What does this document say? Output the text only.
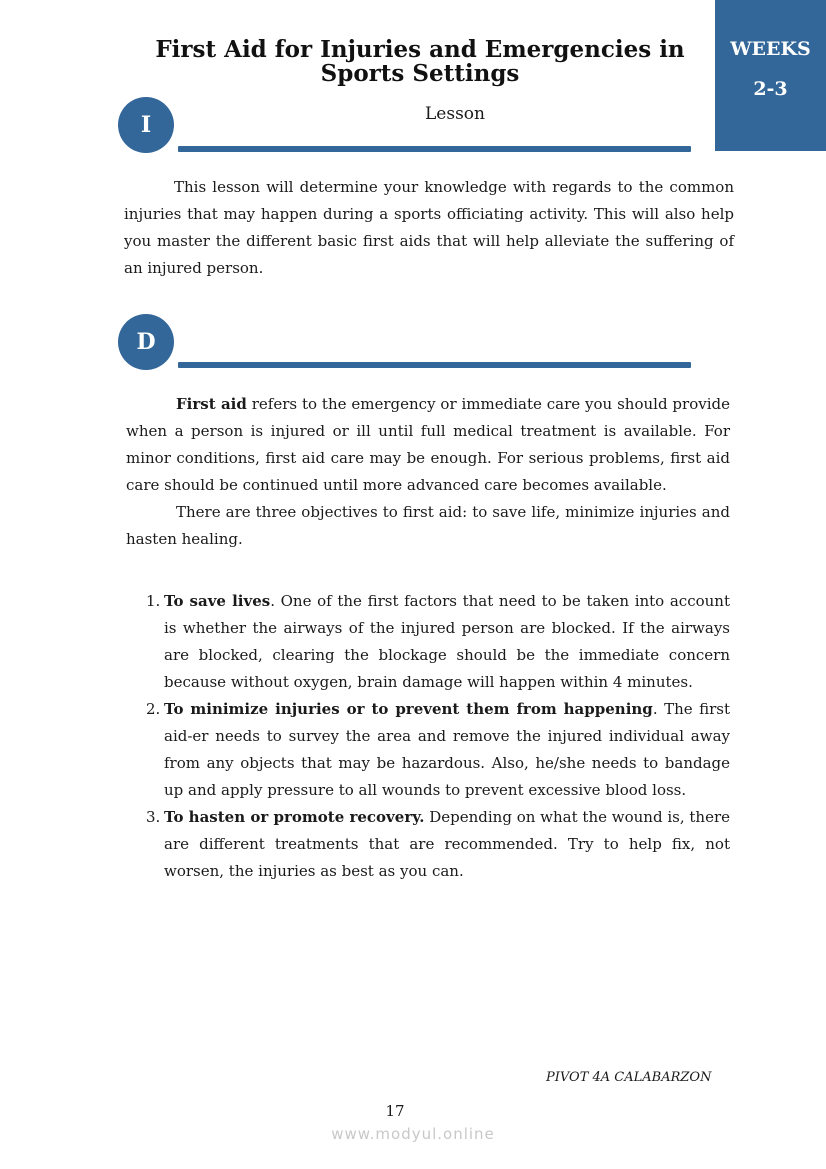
First Aid for Injuries and Emergencies in
Sports Settings
WEEKS
2-3
I	Lesson
This lesson will determine your knowledge with regards to the common injuries that may happen during a sports officiating activity. This will also help you master the different basic first aids that will help alleviate the suffering of an injured person.
D
First aid refers to the emergency or immediate care you should provide when a person is injured or ill until full medical treatment is available. For minor conditions, first aid care may be enough. For serious problems, first aid care should be continued until more advanced care becomes available.
There are three objectives to first aid: to save life, minimize injuries and hasten healing.
1. To save lives. One of the first factors that need to be taken into account is whether the airways of the injured person are blocked. If the airways are blocked, clearing the blockage should be the immediate concern because without oxygen, brain damage will happen within 4 minutes.
2. To minimize injuries or to prevent them from happening. The first aid-er needs to survey the area and remove the injured individual away from any objects that may be hazardous. Also, he/she needs to bandage up and apply pressure to all wounds to prevent excessive blood loss.
3. To hasten or promote recovery. Depending on what the wound is, there are different treatments that are recommended. Try to help fix, not worsen, the injuries as best as you can.
PIVOT 4A CALABARZON
17
www.modyul.online
